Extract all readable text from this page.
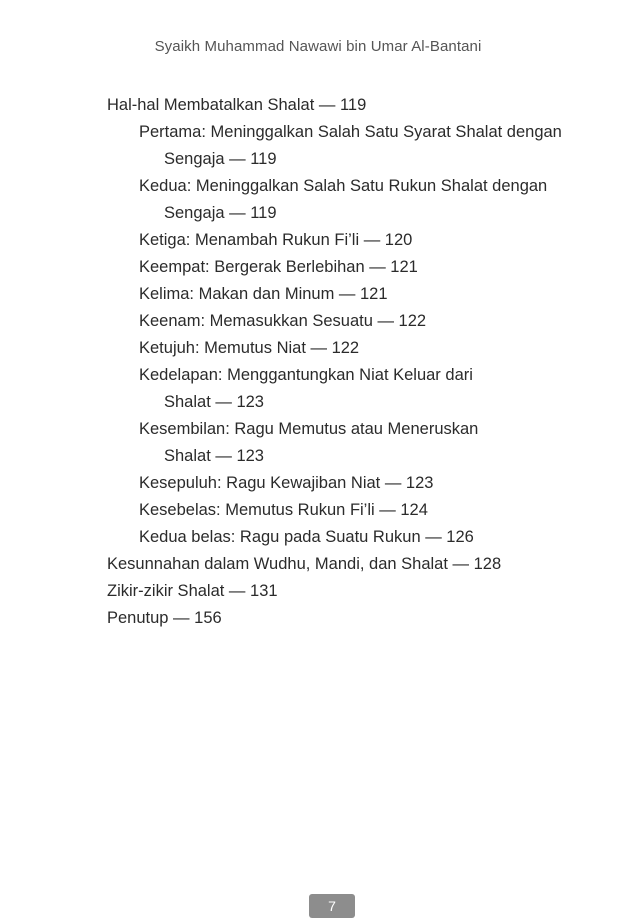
Syaikh Muhammad Nawawi bin Umar Al-Bantani
Hal-hal Membatalkan Shalat — 119
Pertama: Meninggalkan Salah Satu Syarat Shalat dengan
Sengaja — 119
Kedua: Meninggalkan Salah Satu Rukun Shalat dengan
Sengaja — 119
Ketiga: Menambah Rukun Fi’li — 120
Keempat: Bergerak Berlebihan — 121
Kelima: Makan dan Minum — 121
Keenam: Memasukkan Sesuatu — 122
Ketujuh: Memutus Niat — 122
Kedelapan: Menggantungkan Niat Keluar dari
Shalat — 123
Kesembilan: Ragu Memutus atau Meneruskan
Shalat — 123
Kesepuluh: Ragu Kewajiban Niat — 123
Kesebelas: Memutus Rukun Fi’li — 124
Kedua belas: Ragu pada Suatu Rukun — 126
Kesunnahan dalam Wudhu, Mandi, dan Shalat — 128
Zikir-zikir Shalat — 131
Penutup — 156
7
